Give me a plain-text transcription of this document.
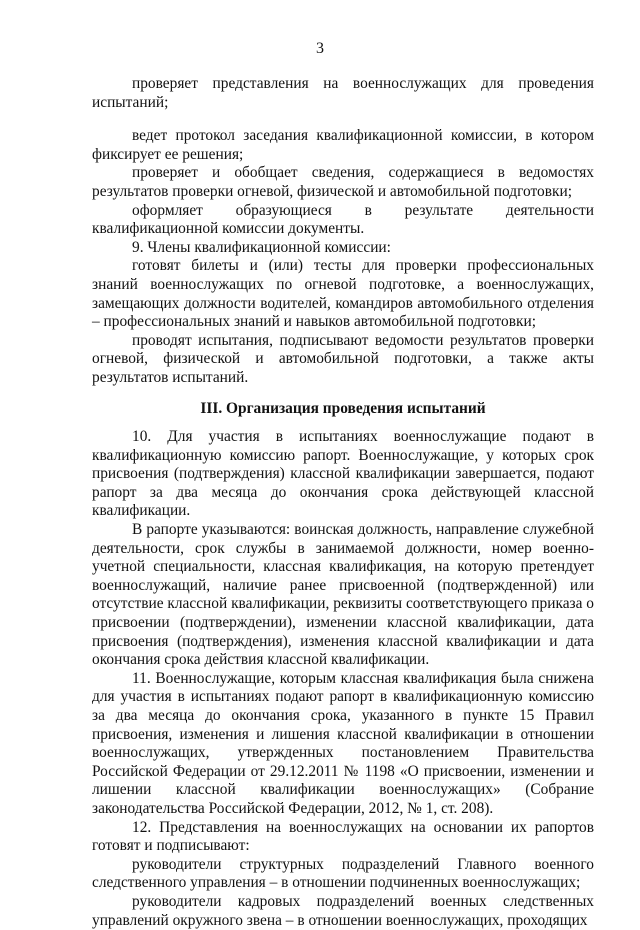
3

проверяет представления на военнослужащих для проведения испытаний;

ведет протокол заседания квалификационной комиссии, в котором фиксирует ее решения;

проверяет и обобщает сведения, содержащиеся в ведомостях результатов проверки огневой, физической и автомобильной подготовки;

оформляет образующиеся в результате деятельности квалификационной комиссии документы.

9. Члены квалификационной комиссии:

готовят билеты и (или) тесты для проверки профессиональных знаний военнослужащих по огневой подготовке, а военнослужащих, замещающих должности водителей, командиров автомобильного отделения – профессиональных знаний и навыков автомобильной подготовки;

проводят испытания, подписывают ведомости результатов проверки огневой, физической и автомобильной подготовки, а также акты результатов испытаний.

III. Организация проведения испытаний

10. Для участия в испытаниях военнослужащие подают в квалификационную комиссию рапорт. Военнослужащие, у которых срок присвоения (подтверждения) классной квалификации завершается, подают рапорт за два месяца до окончания срока действующей классной квалификации.

В рапорте указываются: воинская должность, направление служебной деятельности, срок службы в занимаемой должности, номер военно-учетной специальности, классная квалификация, на которую претендует военнослужащий, наличие ранее присвоенной (подтвержденной) или отсутствие классной квалификации, реквизиты соответствующего приказа о присвоении (подтверждении), изменении классной квалификации, дата присвоения (подтверждения), изменения классной квалификации и дата окончания срока действия классной квалификации.

11. Военнослужащие, которым классная квалификация была снижена для участия в испытаниях подают рапорт в квалификационную комиссию за два месяца до окончания срока, указанного в пункте 15 Правил присвоения, изменения и лишения классной квалификации в отношении военнослужащих, утвержденных постановлением Правительства Российской Федерации от 29.12.2011 № 1198 «О присвоении, изменении и лишении классной квалификации военнослужащих» (Собрание законодательства Российской Федерации, 2012, № 1, ст. 208).

12. Представления на военнослужащих на основании их рапортов готовят и подписывают:

руководители структурных подразделений Главного военного следственного управления – в отношении подчиненных военнослужащих;

руководители кадровых подразделений военных следственных управлений окружного звена – в отношении военнослужащих, проходящих
